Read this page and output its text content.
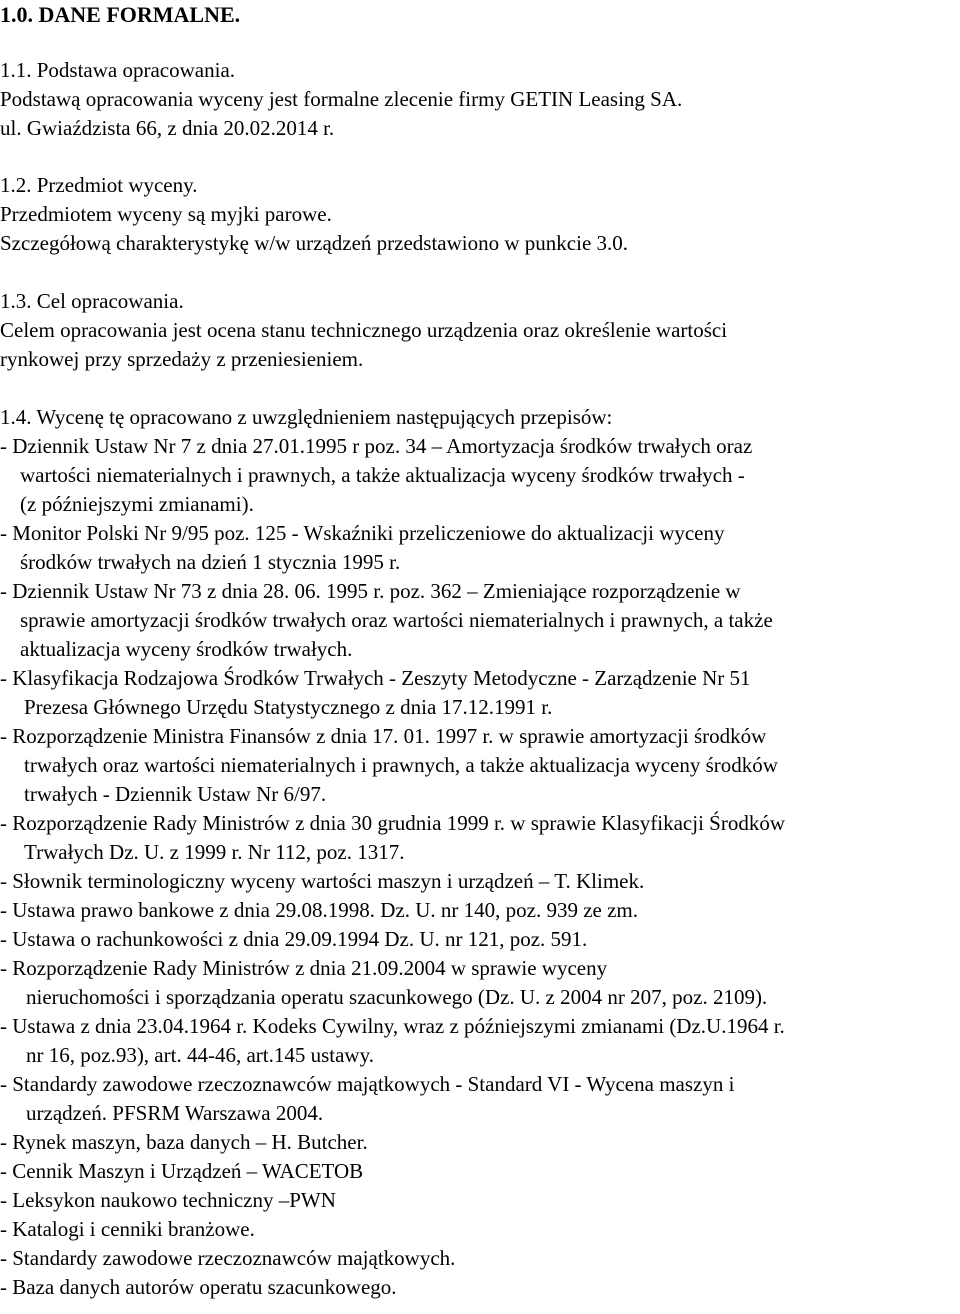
1.0. DANE FORMALNE.
1.1. Podstawa opracowania.
Podstawą opracowania wyceny jest formalne zlecenie firmy GETIN Leasing SA.
ul. Gwiaździsta 66, z dnia 20.02.2014 r.
1.2. Przedmiot wyceny.
Przedmiotem wyceny są myjki parowe.
Szczegółową charakterystykę w/w urządzeń przedstawiono w punkcie 3.0.
1.3. Cel opracowania.
Celem opracowania jest ocena stanu technicznego urządzenia oraz określenie wartości
rynkowej przy sprzedaży z przeniesieniem.
1.4. Wycenę tę opracowano z uwzględnieniem następujących przepisów:
- Dziennik Ustaw Nr 7 z dnia 27.01.1995 r poz. 34 – Amortyzacja środków trwałych oraz
wartości niematerialnych i prawnych, a także aktualizacja wyceny środków trwałych -
(z późniejszymi zmianami).
- Monitor Polski Nr 9/95 poz. 125 - Wskaźniki przeliczeniowe do aktualizacji wyceny
środków trwałych na dzień 1 stycznia 1995 r.
- Dziennik Ustaw Nr 73 z dnia 28. 06. 1995 r. poz. 362 – Zmieniające rozporządzenie w
sprawie amortyzacji środków trwałych oraz wartości niematerialnych i prawnych, a także
aktualizacja wyceny środków trwałych.
- Klasyfikacja Rodzajowa Środków Trwałych - Zeszyty Metodyczne - Zarządzenie Nr 51
Prezesa Głównego Urzędu Statystycznego z dnia 17.12.1991 r.
- Rozporządzenie Ministra Finansów z dnia 17. 01. 1997 r. w sprawie amortyzacji środków
trwałych oraz wartości niematerialnych i prawnych, a także aktualizacja wyceny środków
trwałych - Dziennik Ustaw Nr 6/97.
- Rozporządzenie Rady Ministrów z dnia 30 grudnia 1999 r. w sprawie Klasyfikacji Środków
Trwałych Dz. U. z 1999 r. Nr 112, poz. 1317.
- Słownik terminologiczny wyceny wartości maszyn i urządzeń – T. Klimek.
- Ustawa prawo bankowe z dnia 29.08.1998. Dz. U. nr 140, poz. 939 ze zm.
- Ustawa o rachunkowości z dnia 29.09.1994 Dz. U. nr 121, poz. 591.
- Rozporządzenie Rady Ministrów z dnia 21.09.2004 w sprawie wyceny
nieruchomości i sporządzania operatu szacunkowego (Dz. U. z 2004 nr 207, poz. 2109).
- Ustawa z dnia 23.04.1964 r. Kodeks Cywilny, wraz z późniejszymi zmianami (Dz.U.1964 r.
nr 16, poz.93), art. 44-46, art.145 ustawy.
- Standardy zawodowe rzeczoznawców majątkowych - Standard VI - Wycena maszyn i
urządzeń. PFSRM Warszawa 2004.
- Rynek maszyn, baza danych – H. Butcher.
- Cennik Maszyn i Urządzeń – WACETOB
- Leksykon naukowo techniczny –PWN
- Katalogi i cenniki branżowe.
- Standardy zawodowe rzeczoznawców majątkowych.
- Baza danych autorów operatu szacunkowego.
